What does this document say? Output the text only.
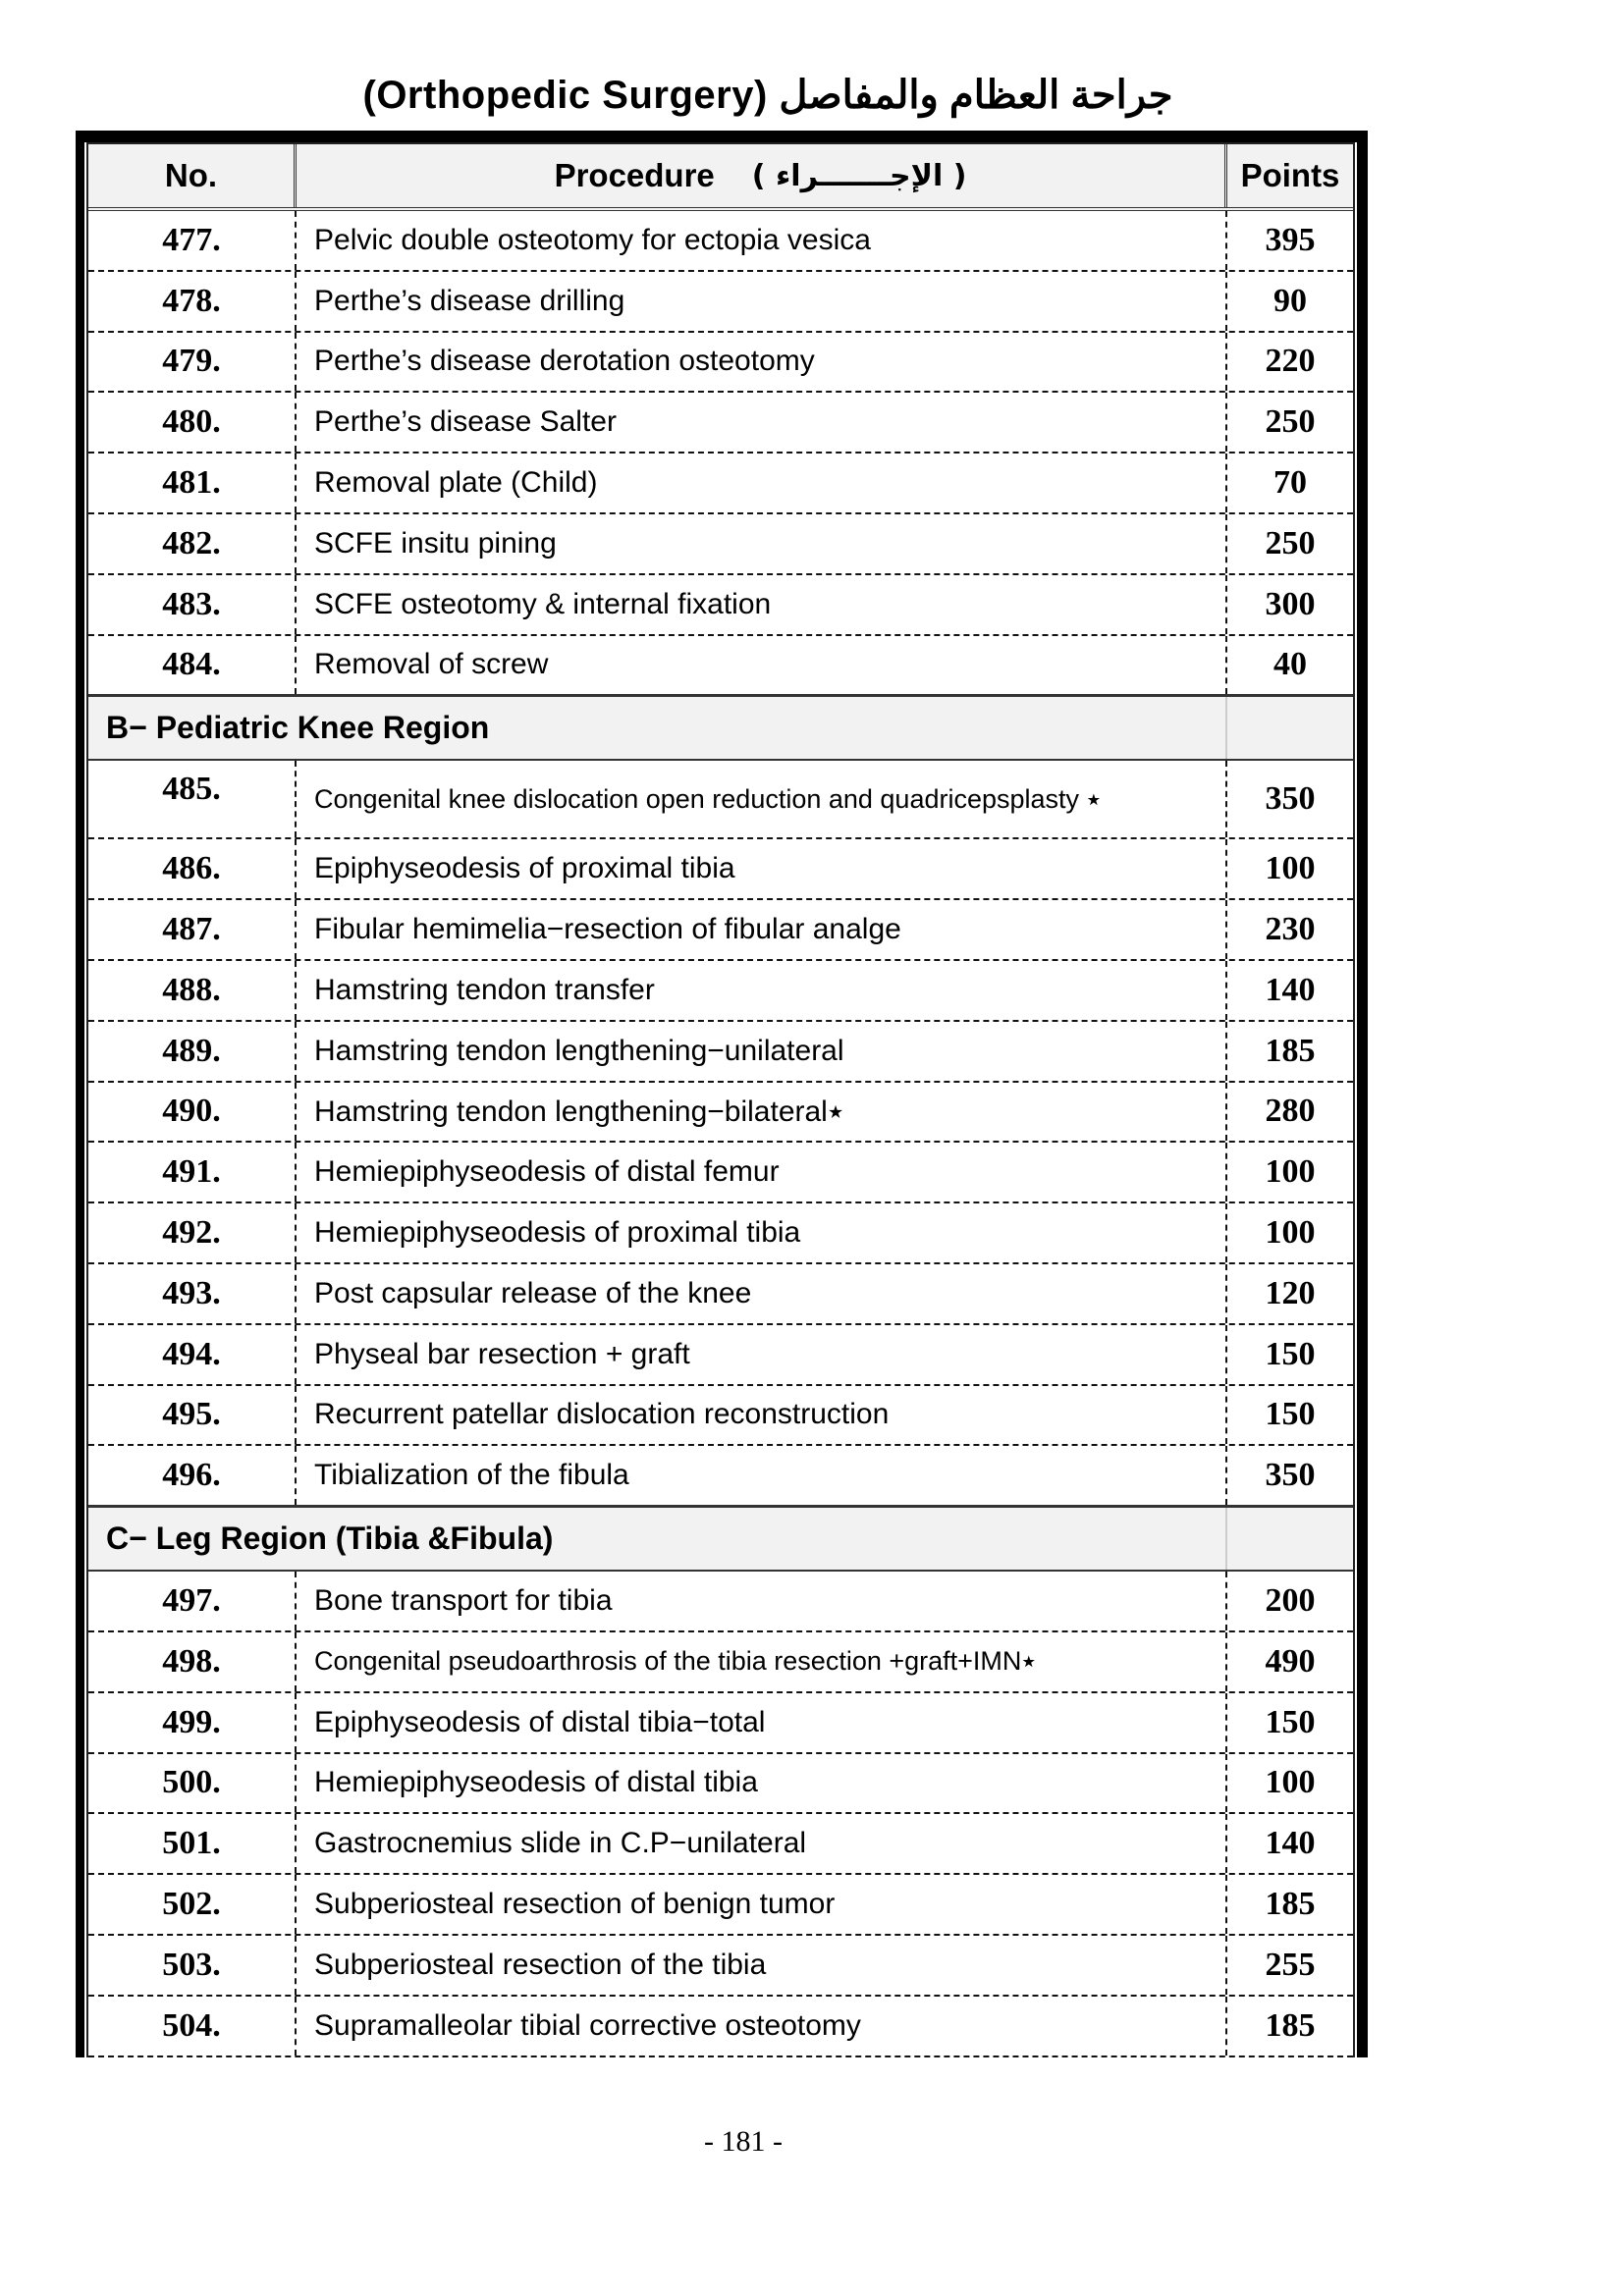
(Orthopedic Surgery) جراحة العظام والمفاصل
No.	Procedure ( الإجـــــــراء )	Points
477.	Pelvic double osteotomy for ectopia vesica	395
478.	Perthe’s disease drilling	90
479.	Perthe’s disease derotation osteotomy	220
480.	Perthe’s disease Salter	250
481.	Removal plate (Child)	70
482.	SCFE insitu pining	250
483.	SCFE osteotomy & internal fixation	300
484.	Removal of screw	40
B− Pediatric Knee Region
485.	Congenital knee dislocation open reduction and quadricepsplasty ٭	350
486.	Epiphyseodesis of proximal tibia	100
487.	Fibular hemimelia−resection of fibular analge	230
488.	Hamstring tendon transfer	140
489.	Hamstring tendon lengthening−unilateral	185
490.	Hamstring tendon lengthening−bilateral٭	280
491.	Hemiepiphyseodesis of distal femur	100
492.	Hemiepiphyseodesis of proximal tibia	100
493.	Post capsular release of the knee	120
494.	Physeal bar resection + graft	150
495.	Recurrent patellar dislocation reconstruction	150
496.	Tibialization of the fibula	350
C− Leg Region (Tibia &Fibula)
497.	Bone transport for tibia	200
498.	Congenital pseudoarthrosis of the tibia resection +graft+IMN٭	490
499.	Epiphyseodesis of distal tibia−total	150
500.	Hemiepiphyseodesis of distal tibia	100
501.	Gastrocnemius slide in C.P−unilateral	140
502.	Subperiosteal resection of benign tumor	185
503.	Subperiosteal resection of the tibia	255
504.	Supramalleolar tibial corrective osteotomy	185
- 181 -
